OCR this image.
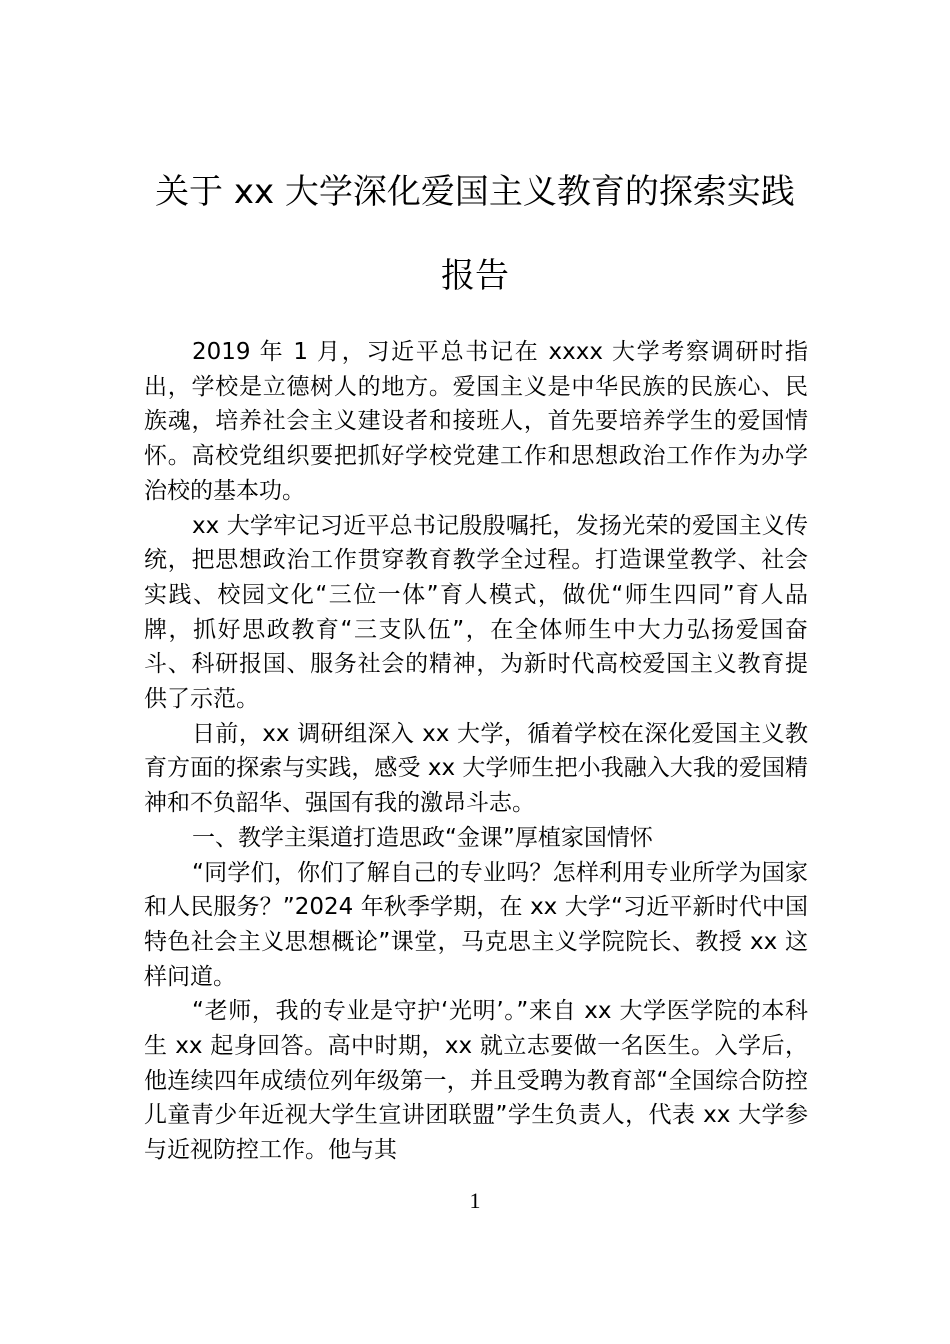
关于 xx 大学深化爱国主义教育的探索实践
报告

2019 年 1 月，习近平总书记在 xxxx 大学考察调研时指出，学校是立德树人的地方。爱国主义是中华民族的民族心、民族魂，培养社会主义建设者和接班人，首先要培养学生的爱国情怀。高校党组织要把抓好学校党建工作和思想政治工作作为办学治校的基本功。

xx 大学牢记习近平总书记殷殷嘱托，发扬光荣的爱国主义传统，把思想政治工作贯穿教育教学全过程。打造课堂教学、社会实践、校园文化“三位一体”育人模式，做优“师生四同”育人品牌，抓好思政教育“三支队伍”，在全体师生中大力弘扬爱国奋斗、科研报国、服务社会的精神，为新时代高校爱国主义教育提供了示范。

日前，xx 调研组深入 xx 大学，循着学校在深化爱国主义教育方面的探索与实践，感受 xx 大学师生把小我融入大我的爱国精神和不负韶华、强国有我的激昂斗志。

一、教学主渠道打造思政“金课”厚植家国情怀

“同学们，你们了解自己的专业吗？怎样利用专业所学为国家和人民服务？”2024 年秋季学期，在 xx 大学“习近平新时代中国特色社会主义思想概论”课堂，马克思主义学院院长、教授 xx 这样问道。

“老师，我的专业是守护‘光明’。”来自 xx 大学医学院的本科生 xx 起身回答。高中时期，xx 就立志要做一名医生。入学后，他连续四年成绩位列年级第一，并且受聘为教育部“全国综合防控儿童青少年近视大学生宣讲团联盟”学生负责人，代表 xx 大学参与近视防控工作。他与其

1
